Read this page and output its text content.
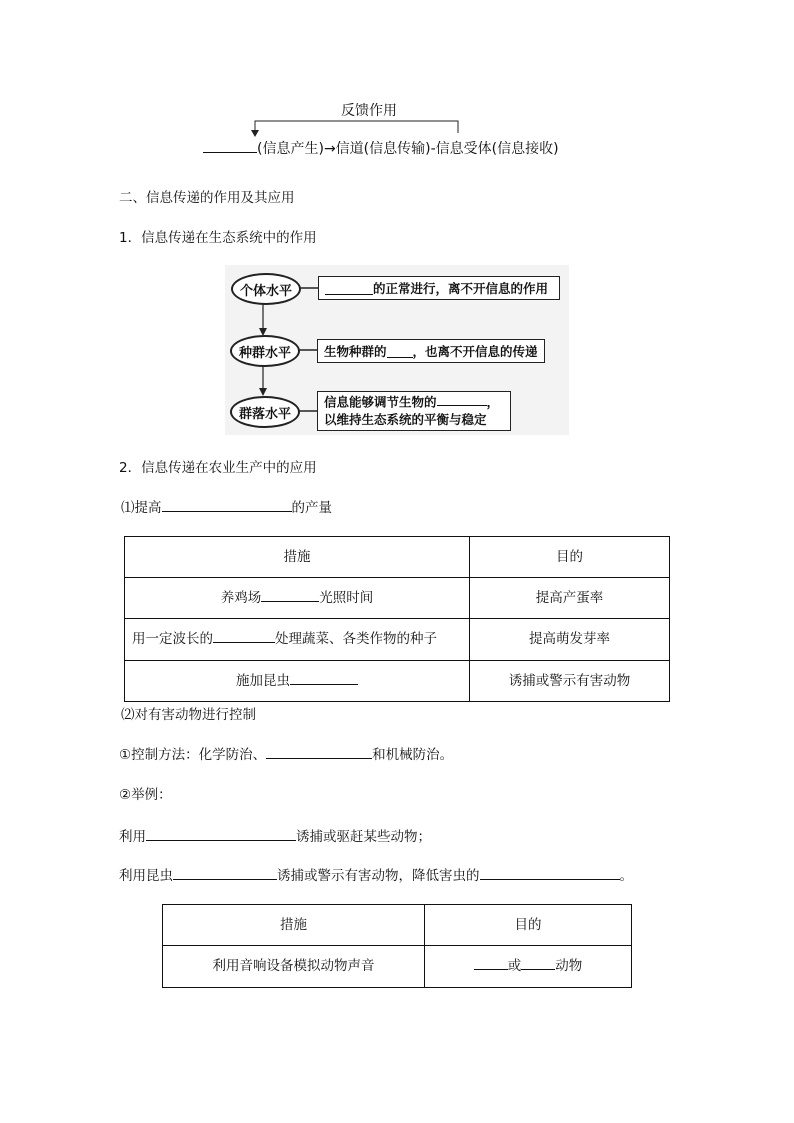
反馈作用
(信息产生)→信道(信息传输)-信息受体(信息接收)
二、信息传递的作用及其应用
1．信息传递在生态系统中的作用
个体水平
种群水平
群落水平
的正常进行，离不开信息的作用
生物种群的 ，也离不开信息的传递
信息能够调节生物的	，
以维持生态系统的平衡与稳定
2．信息传递在农业生产中的应用
⑴提高	的产量
措施	目的
养鸡场 光照时间	提高产蛋率
用一定波长的 处理蔬菜、各类作物的种子	提高萌发芽率
施加昆虫	诱捕或警示有害动物
⑵对有害动物进行控制
①控制方法：化学防治、	和机械防治。
②举例：
利用	诱捕或驱赶某些动物；
利用昆虫	诱捕或警示有害动物，降低害虫的	。
措施	目的
利用音响设备模拟动物声音	或 动物
